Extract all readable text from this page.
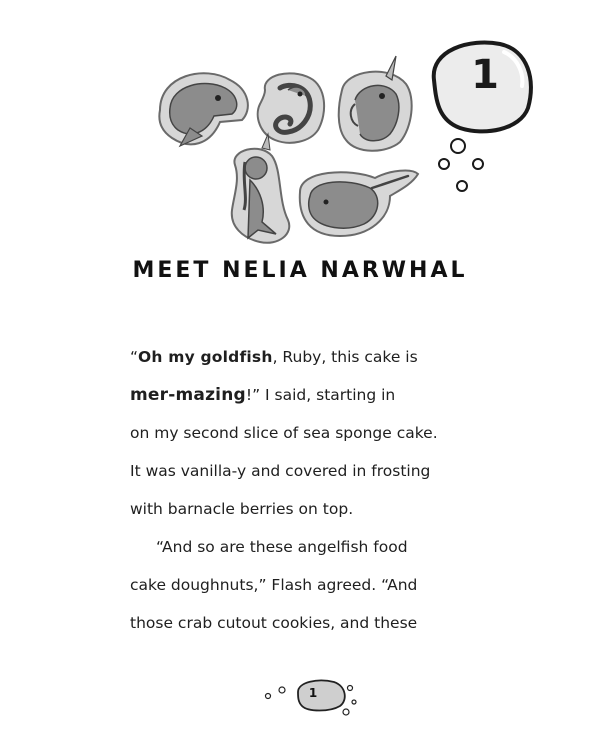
1
MEET NELIA NARWHAL
“Oh my goldfish, Ruby, this cake is
mer-mazing!” I said, starting in
on my second slice of sea sponge cake.
It was vanilla-y and covered in frosting
with barnacle berries on top.
“And so are these angelfish food
cake doughnuts,” Flash agreed. “And
those crab cutout cookies, and these
1
